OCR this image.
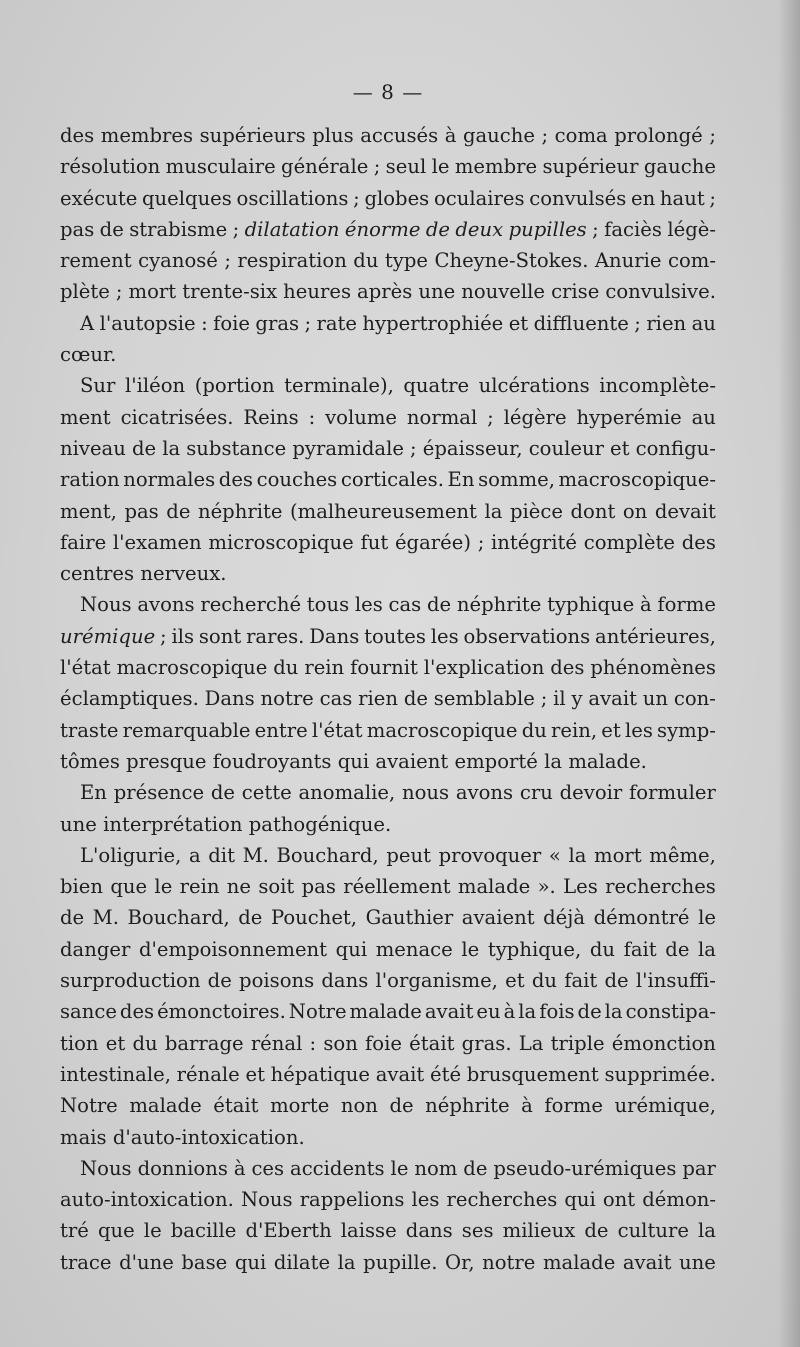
— 8 —
des membres supérieurs plus accusés à gauche ; coma prolongé ;
résolution musculaire générale ; seul le membre supérieur gauche
exécute quelques oscillations ; globes oculaires convulsés en haut ;
pas de strabisme ; dilatation énorme de deux pupilles ; faciès légè-
rement cyanosé ; respiration du type Cheyne-Stokes. Anurie com-
plète ; mort trente-six heures après une nouvelle crise convulsive.
A l'autopsie : foie gras ; rate hypertrophiée et diffluente ; rien au
cœur.
Sur l'iléon (portion terminale), quatre ulcérations incomplète-
ment cicatrisées. Reins : volume normal ; légère hyperémie au
niveau de la substance pyramidale ; épaisseur, couleur et configu-
ration normales des couches corticales. En somme, macroscopique-
ment, pas de néphrite (malheureusement la pièce dont on devait
faire l'examen microscopique fut égarée) ; intégrité complète des
centres nerveux.
Nous avons recherché tous les cas de néphrite typhique à forme
urémique ; ils sont rares. Dans toutes les observations antérieures,
l'état macroscopique du rein fournit l'explication des phénomènes
éclamptiques. Dans notre cas rien de semblable ; il y avait un con-
traste remarquable entre l'état macroscopique du rein, et les symp-
tômes presque foudroyants qui avaient emporté la malade.
En présence de cette anomalie, nous avons cru devoir formuler
une interprétation pathogénique.
L'oligurie, a dit M. Bouchard, peut provoquer « la mort même,
bien que le rein ne soit pas réellement malade ». Les recherches
de M. Bouchard, de Pouchet, Gauthier avaient déjà démontré le
danger d'empoisonnement qui menace le typhique, du fait de la
surproduction de poisons dans l'organisme, et du fait de l'insuffi-
sance des émonctoires. Notre malade avait eu à la fois de la constipa-
tion et du barrage rénal : son foie était gras. La triple émonction
intestinale, rénale et hépatique avait été brusquement supprimée.
Notre malade était morte non de néphrite à forme urémique,
mais d'auto-intoxication.
Nous donnions à ces accidents le nom de pseudo-urémiques par
auto-intoxication. Nous rappelions les recherches qui ont démon-
tré que le bacille d'Eberth laisse dans ses milieux de culture la
trace d'une base qui dilate la pupille. Or, notre malade avait une
